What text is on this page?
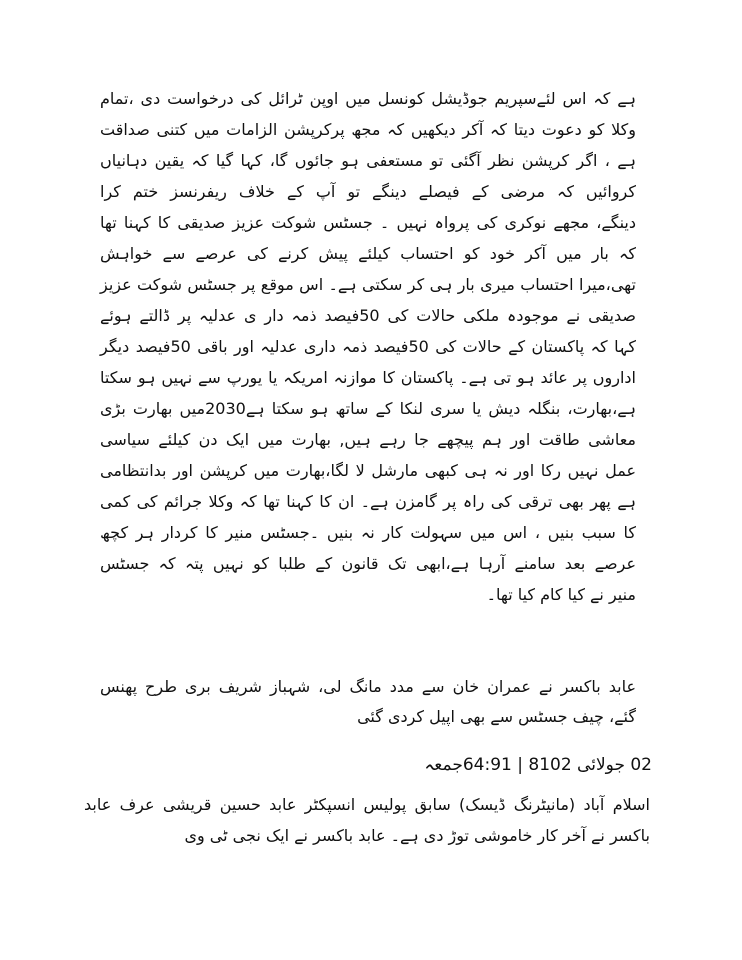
ہے کہ اس لئےسپریم جوڈیشل کونسل میں اوپن ٹرائل کی درخواست دی ،تمام
وکلا کو دعوت دیتا کہ آکر دیکھیں کہ مجھ پرکرپشن الزامات میں کتنی صداقت
ہے ، اگر کرپشن نظر آگئی تو مستعفی ہو جائوں گا، کہا گیا کہ یقین دہانیاں
کروائیں کہ مرضی کے فیصلے دینگے تو آپ کے خلاف ریفرنسز ختم کرا
دینگے، مجھے نوکری کی پرواہ نہیں ۔ جسٹس شوکت عزیز صدیقی کا کہنا تھا
کہ بار میں آکر خود کو احتساب کیلئے پیش کرنے کی عرصے سے خواہش
تھی،میرا احتساب میری بار ہی کر سکتی ہے۔ اس موقع پر جسٹس شوکت عزیز
صدیقی نے موجودہ ملکی حالات کی 50فیصد ذمہ دار ی عدلیہ پر ڈالتے ہوئے
کہا کہ پاکستان کے حالات کی 50فیصد ذمہ داری عدلیہ اور باقی 50فیصد دیگر
اداروں پر عائد ہو تی ہے۔ پاکستان کا موازنہ امریکہ یا یورپ سے نہیں ہو سکتا
ہے،بھارت، بنگلہ دیش یا سری لنکا کے ساتھ ہو سکتا ہے2030میں بھارت بڑی
معاشی طاقت اور ہم پیچھے جا رہے ہیں, بھارت میں ایک دن کیلئے سیاسی
عمل نہیں رکا اور نہ ہی کبھی مارشل لا لگا،بھارت میں کرپشن اور بدانتظامی
ہے پھر بھی ترقی کی راہ پر گامزن ہے۔ ان کا کہنا تھا کہ وکلا جرائم کی کمی
کا سبب بنیں ، اس میں سہولت کار نہ بنیں ۔جسٹس منیر کا کردار ہر کچھ
عرصے بعد سامنے آرہا ہے،ابھی تک قانون کے طلبا کو نہیں پتہ کہ جسٹس
منیر نے کیا کام کیا تھا۔
عابد باکسر نے عمران خان سے مدد مانگ لی، شہباز شریف بری طرح پھنس
گئے، چیف جسٹس سے بھی اپیل کردی گئی
02 جولائی 8102 | 64:91جمعہ
اسلام آباد (مانیٹرنگ ڈیسک) سابق پولیس انسپکٹر عابد حسین قریشی عرف عابد
باکسر نے آخر کار خاموشی توڑ دی ہے۔ عابد باکسر نے ایک نجی ٹی وی
